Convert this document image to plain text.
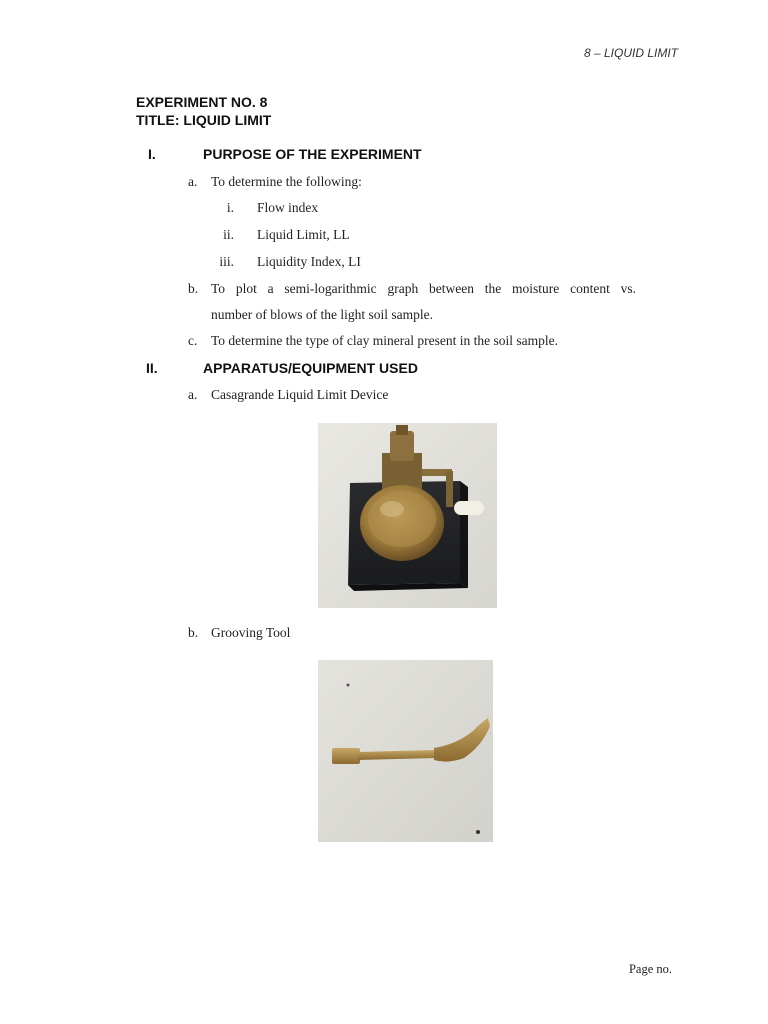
8 – LIQUID LIMIT
EXPERIMENT NO. 8
TITLE: LIQUID LIMIT
I.	PURPOSE OF THE EXPERIMENT
a. To determine the following:
i. Flow index
ii. Liquid Limit, LL
iii. Liquidity Index, LI
b. To plot a semi-logarithmic graph between the moisture content vs.
number of blows of the light soil sample.
c. To determine the type of clay mineral present in the soil sample.
II.	APPARATUS/EQUIPMENT USED
a. Casagrande Liquid Limit Device
b. Grooving Tool
Page no.
